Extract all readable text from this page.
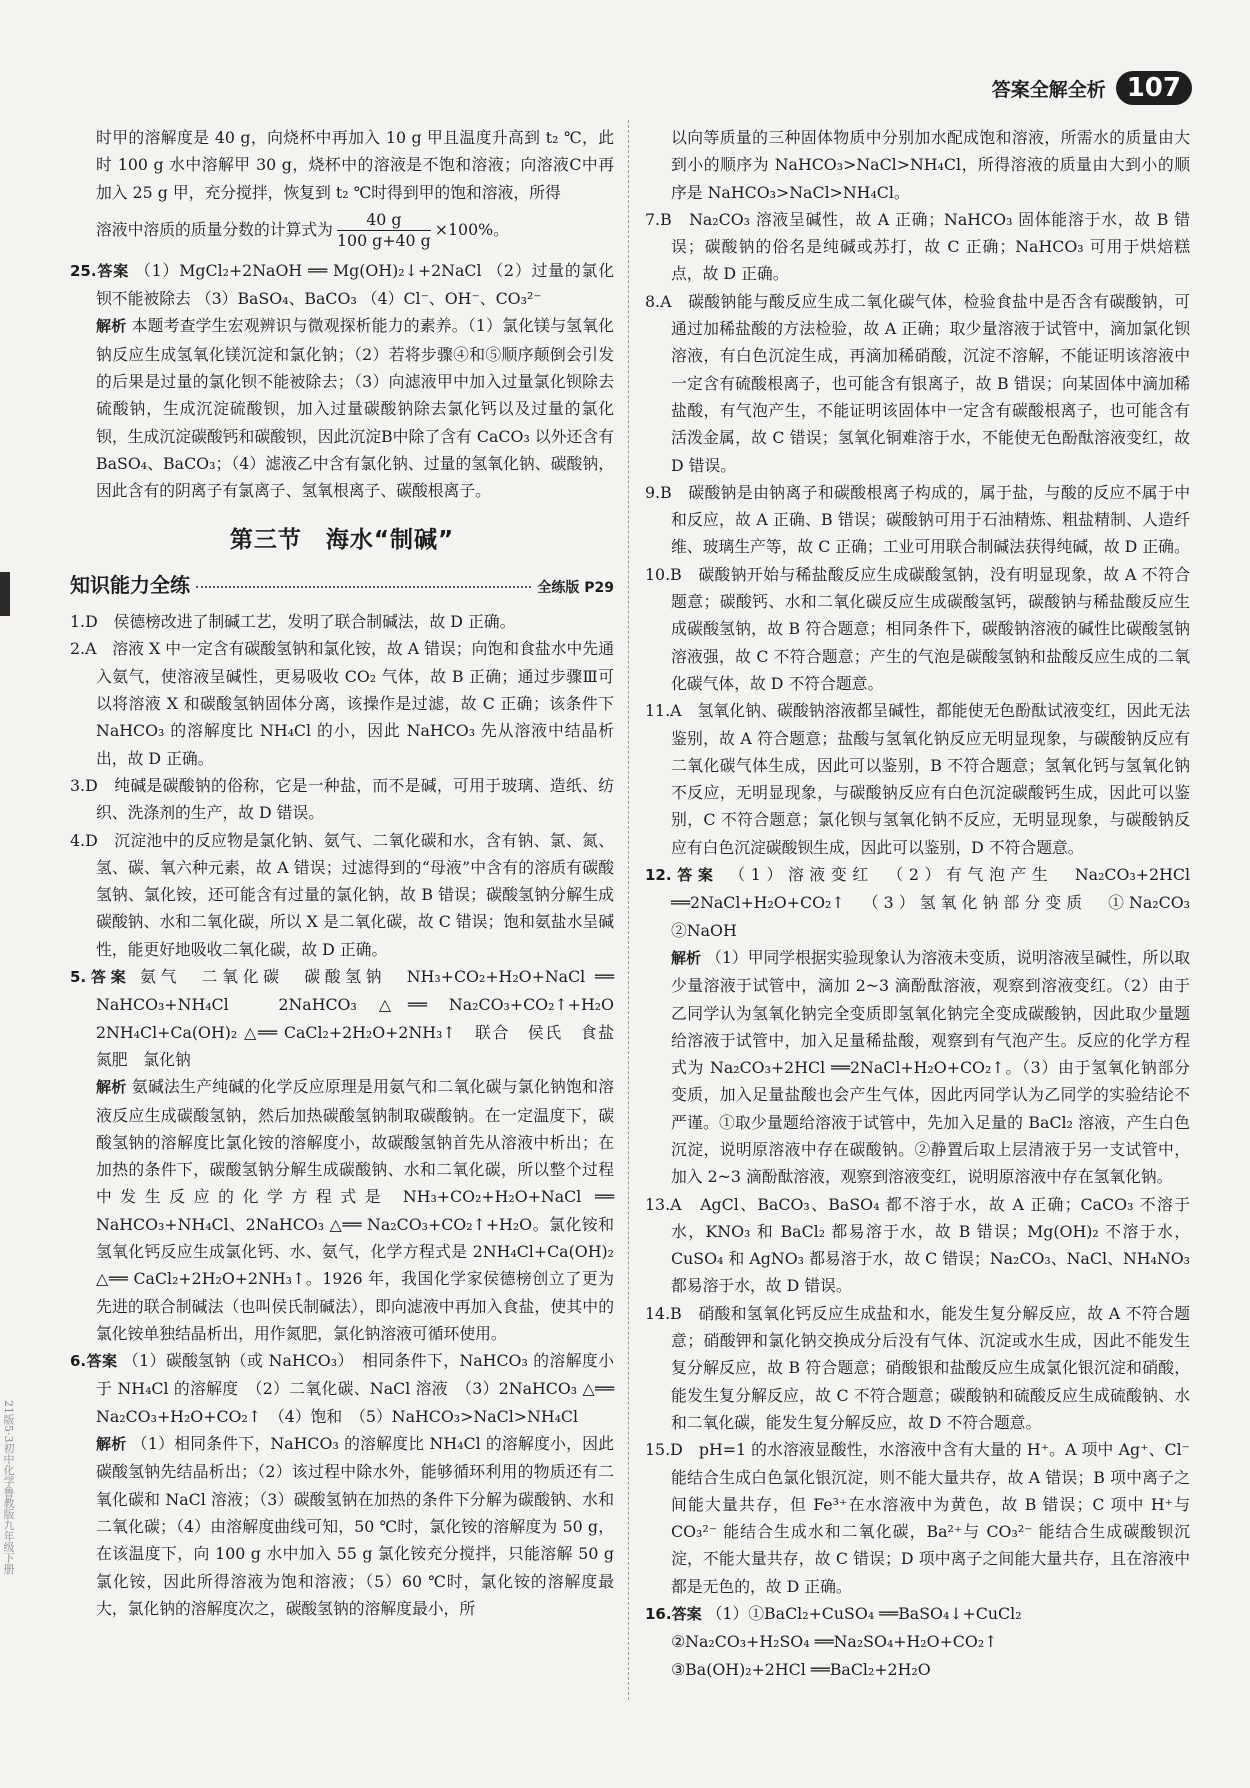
答案全解全析 107
21版5·3初中化学鲁教版九年级下册

时甲的溶解度是 40 g，向烧杯中再加入 10 g 甲且温度升高到 t₂ ℃，此时 100 g 水中溶解甲 30 g，烧杯中的溶液是不饱和溶液；向溶液C中再加入 25 g 甲，充分搅拌，恢复到 t₂ ℃时得到甲的饱和溶液，所得

溶液中溶质的质量分数的计算式为 $\frac{40 g}{100 g+40 g} \times 100\%$。

25.答案 （1）MgCl₂+2NaOH ══ Mg(OH)₂↓+2NaCl （2）过量的氯化钡不能被除去 （3）BaSO₄、BaCO₃ （4）Cl⁻、OH⁻、CO₃²⁻

解析 本题考查学生宏观辨识与微观探析能力的素养。（1）氯化镁与氢氧化钠反应生成氢氧化镁沉淀和氯化钠；（2）若将步骤④和⑤顺序颠倒会引发的后果是过量的氯化钡不能被除去；（3）向滤液甲中加入过量氯化钡除去硫酸钠，生成沉淀硫酸钡，加入过量碳酸钠除去氯化钙以及过量的氯化钡，生成沉淀碳酸钙和碳酸钡，因此沉淀B中除了含有 CaCO₃ 以外还含有 BaSO₄、BaCO₃；（4）滤液乙中含有氯化钠、过量的氢氧化钠、碳酸钠，因此含有的阴离子有氯离子、氢氧根离子、碳酸根离子。

第三节　海水“制碱”
知识能力全练	全练版 P29

1.D　侯德榜改进了制碱工艺，发明了联合制碱法，故 D 正确。

2.A　溶液 X 中一定含有碳酸氢钠和氯化铵，故 A 错误；向饱和食盐水中先通入氨气，使溶液呈碱性，更易吸收 CO₂ 气体，故 B 正确；通过步骤Ⅲ可以将溶液 X 和碳酸氢钠固体分离，该操作是过滤，故 C 正确；该条件下 NaHCO₃ 的溶解度比 NH₄Cl 的小，因此 NaHCO₃ 先从溶液中结晶析出，故 D 正确。

3.D　纯碱是碳酸钠的俗称，它是一种盐，而不是碱，可用于玻璃、造纸、纺织、洗涤剂的生产，故 D 错误。

4.D　沉淀池中的反应物是氯化钠、氨气、二氧化碳和水，含有钠、氯、氮、氢、碳、氧六种元素，故 A 错误；过滤得到的“母液”中含有的溶质有碳酸氢钠、氯化铵，还可能含有过量的氯化钠，故 B 错误；碳酸氢钠分解生成碳酸钠、水和二氧化碳，所以 X 是二氧化碳，故 C 错误；饱和氨盐水呈碱性，能更好地吸收二氧化碳，故 D 正确。

5.答案 氨气　二氧化碳　碳酸氢钠　NH₃+CO₂+H₂O+NaCl ══ NaHCO₃+NH₄Cl　2NaHCO₃ △══ Na₂CO₃+CO₂↑+H₂O　2NH₄Cl+Ca(OH)₂ △══ CaCl₂+2H₂O+2NH₃↑　联合　侯氏　食盐　氮肥　氯化钠

解析 氨碱法生产纯碱的化学反应原理是用氨气和二氧化碳与氯化钠饱和溶液反应生成碳酸氢钠，然后加热碳酸氢钠制取碳酸钠。在一定温度下，碳酸氢钠的溶解度比氯化铵的溶解度小，故碳酸氢钠首先从溶液中析出；在加热的条件下，碳酸氢钠分解生成碳酸钠、水和二氧化碳，所以整个过程中发生反应的化学方程式是 NH₃+CO₂+H₂O+NaCl ══ NaHCO₃+NH₄Cl、2NaHCO₃ △══ Na₂CO₃+CO₂↑+H₂O。氯化铵和氢氧化钙反应生成氯化钙、水、氨气，化学方程式是 2NH₄Cl+Ca(OH)₂ △══ CaCl₂+2H₂O+2NH₃↑。1926 年，我国化学家侯德榜创立了更为先进的联合制碱法（也叫侯氏制碱法），即向滤液中再加入食盐，使其中的氯化铵单独结晶析出，用作氮肥，氯化钠溶液可循环使用。

6.答案 （1）碳酸氢钠（或 NaHCO₃）　相同条件下，NaHCO₃ 的溶解度小于 NH₄Cl 的溶解度　（2）二氧化碳、NaCl 溶液　（3）2NaHCO₃ △══ Na₂CO₃+H₂O+CO₂↑　（4）饱和　（5）NaHCO₃>NaCl>NH₄Cl

解析 （1）相同条件下，NaHCO₃ 的溶解度比 NH₄Cl 的溶解度小，因此碳酸氢钠先结晶析出；（2）该过程中除水外，能够循环利用的物质还有二氧化碳和 NaCl 溶液；（3）碳酸氢钠在加热的条件下分解为碳酸钠、水和二氧化碳；（4）由溶解度曲线可知，50 ℃时，氯化铵的溶解度为 50 g，在该温度下，向 100 g 水中加入 55 g 氯化铵充分搅拌，只能溶解 50 g 氯化铵，因此所得溶液为饱和溶液；（5）60 ℃时，氯化铵的溶解度最大，氯化钠的溶解度次之，碳酸氢钠的溶解度最小，所

以向等质量的三种固体物质中分别加水配成饱和溶液，所需水的质量由大到小的顺序为 NaHCO₃>NaCl>NH₄Cl，所得溶液的质量由大到小的顺序是 NaHCO₃>NaCl>NH₄Cl。

7.B　Na₂CO₃ 溶液呈碱性，故 A 正确；NaHCO₃ 固体能溶于水，故 B 错误；碳酸钠的俗名是纯碱或苏打，故 C 正确；NaHCO₃ 可用于烘焙糕点，故 D 正确。

8.A　碳酸钠能与酸反应生成二氧化碳气体，检验食盐中是否含有碳酸钠，可通过加稀盐酸的方法检验，故 A 正确；取少量溶液于试管中，滴加氯化钡溶液，有白色沉淀生成，再滴加稀硝酸，沉淀不溶解，不能证明该溶液中一定含有硫酸根离子，也可能含有银离子，故 B 错误；向某固体中滴加稀盐酸，有气泡产生，不能证明该固体中一定含有碳酸根离子，也可能含有活泼金属，故 C 错误；氢氧化铜难溶于水，不能使无色酚酞溶液变红，故 D 错误。

9.B　碳酸钠是由钠离子和碳酸根离子构成的，属于盐，与酸的反应不属于中和反应，故 A 正确、B 错误；碳酸钠可用于石油精炼、粗盐精制、人造纤维、玻璃生产等，故 C 正确；工业可用联合制碱法获得纯碱，故 D 正确。

10.B　碳酸钠开始与稀盐酸反应生成碳酸氢钠，没有明显现象，故 A 不符合题意；碳酸钙、水和二氧化碳反应生成碳酸氢钙，碳酸钠与稀盐酸反应生成碳酸氢钠，故 B 符合题意；相同条件下，碳酸钠溶液的碱性比碳酸氢钠溶液强，故 C 不符合题意；产生的气泡是碳酸氢钠和盐酸反应生成的二氧化碳气体，故 D 不符合题意。

11.A　氢氧化钠、碳酸钠溶液都呈碱性，都能使无色酚酞试液变红，因此无法鉴别，故 A 符合题意；盐酸与氢氧化钠反应无明显现象，与碳酸钠反应有二氧化碳气体生成，因此可以鉴别，B 不符合题意；氢氧化钙与氢氧化钠不反应，无明显现象，与碳酸钠反应有白色沉淀碳酸钙生成，因此可以鉴别，C 不符合题意；氯化钡与氢氧化钠不反应，无明显现象，与碳酸钠反应有白色沉淀碳酸钡生成，因此可以鉴别，D 不符合题意。

12.答案 （1）溶液变红　（2）有气泡产生　Na₂CO₃+2HCl ══2NaCl+H₂O+CO₂↑　（3）氢氧化钠部分变质　①Na₂CO₃　②NaOH

解析 （1）甲同学根据实验现象认为溶液未变质，说明溶液呈碱性，所以取少量溶液于试管中，滴加 2~3 滴酚酞溶液，观察到溶液变红。（2）由于乙同学认为氢氧化钠完全变质即氢氧化钠完全变成碳酸钠，因此取少量题给溶液于试管中，加入足量稀盐酸，观察到有气泡产生。反应的化学方程式为 Na₂CO₃+2HCl ══2NaCl+H₂O+CO₂↑。（3）由于氢氧化钠部分变质，加入足量盐酸也会产生气体，因此丙同学认为乙同学的实验结论不严谨。①取少量题给溶液于试管中，先加入足量的 BaCl₂ 溶液，产生白色沉淀，说明原溶液中存在碳酸钠。②静置后取上层清液于另一支试管中，加入 2~3 滴酚酞溶液，观察到溶液变红，说明原溶液中存在氢氧化钠。

13.A　AgCl、BaCO₃、BaSO₄ 都不溶于水，故 A 正确；CaCO₃ 不溶于水，KNO₃ 和 BaCl₂ 都易溶于水，故 B 错误；Mg(OH)₂ 不溶于水，CuSO₄ 和 AgNO₃ 都易溶于水，故 C 错误；Na₂CO₃、NaCl、NH₄NO₃ 都易溶于水，故 D 错误。

14.B　硝酸和氢氧化钙反应生成盐和水，能发生复分解反应，故 A 不符合题意；硝酸钾和氯化钠交换成分后没有气体、沉淀或水生成，因此不能发生复分解反应，故 B 符合题意；硝酸银和盐酸反应生成氯化银沉淀和硝酸，能发生复分解反应，故 C 不符合题意；碳酸钠和硫酸反应生成硫酸钠、水和二氧化碳，能发生复分解反应，故 D 不符合题意。

15.D　pH=1 的水溶液显酸性，水溶液中含有大量的 H⁺。A 项中 Ag⁺、Cl⁻能结合生成白色氯化银沉淀，则不能大量共存，故 A 错误；B 项中离子之间能大量共存，但 Fe³⁺在水溶液中为黄色，故 B 错误；C 项中 H⁺与 CO₃²⁻ 能结合生成水和二氧化碳，Ba²⁺与 CO₃²⁻ 能结合生成碳酸钡沉淀，不能大量共存，故 C 错误；D 项中离子之间能大量共存，且在溶液中都是无色的，故 D 正确。

16.答案 （1）①BaCl₂+CuSO₄ ══BaSO₄↓+CuCl₂

②Na₂CO₃+H₂SO₄ ══Na₂SO₄+H₂O+CO₂↑

③Ba(OH)₂+2HCl ══BaCl₂+2H₂O
